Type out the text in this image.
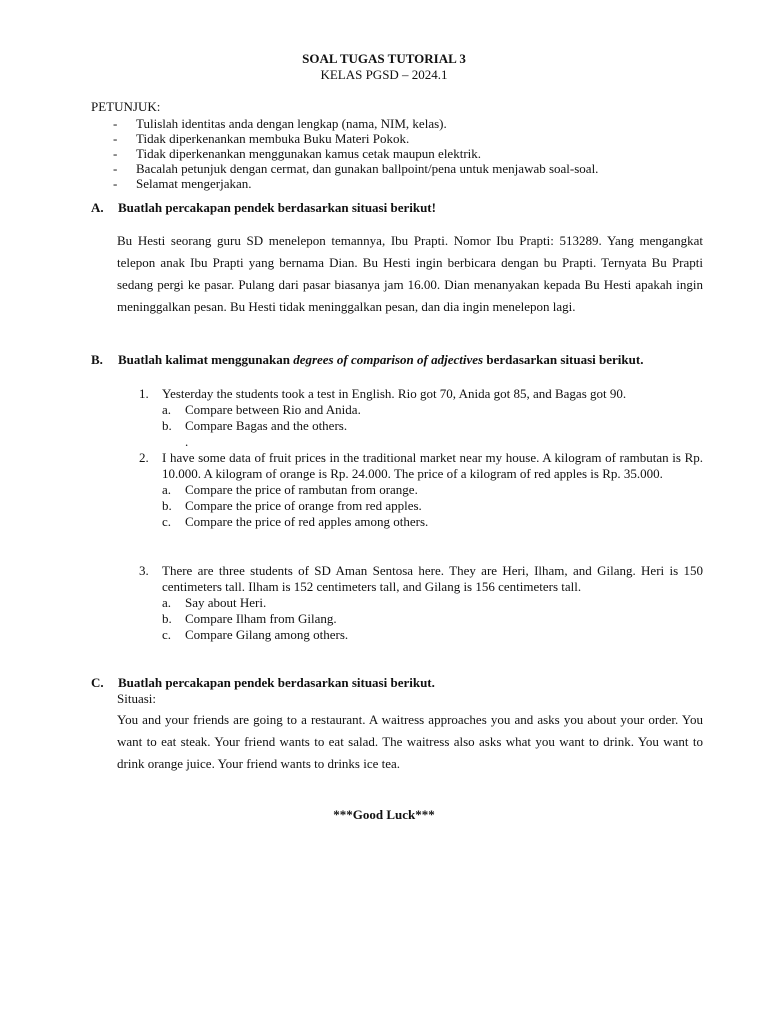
SOAL TUGAS TUTORIAL 3
KELAS PGSD – 2024.1
PETUNJUK:
-	Tulislah identitas anda dengan lengkap (nama, NIM, kelas).
-	Tidak diperkenankan membuka Buku Materi Pokok.
-	Tidak diperkenankan menggunakan kamus cetak maupun elektrik.
-	Bacalah petunjuk dengan cermat, dan gunakan ballpoint/pena untuk menjawab soal-soal.
-	Selamat mengerjakan.
A.	Buatlah percakapan pendek berdasarkan situasi berikut!
Bu Hesti seorang guru SD menelepon temannya, Ibu Prapti. Nomor Ibu Prapti: 513289. Yang mengangkat telepon anak Ibu Prapti yang bernama Dian. Bu Hesti ingin berbicara dengan bu Prapti. Ternyata Bu Prapti sedang pergi ke pasar. Pulang dari pasar biasanya jam 16.00. Dian menanyakan kepada Bu Hesti apakah ingin meninggalkan pesan. Bu Hesti tidak meninggalkan pesan, dan dia ingin menelepon lagi.
B.	Buatlah kalimat menggunakan degrees of comparison of adjectives berdasarkan situasi berikut.
1.	Yesterday the students took a test in English. Rio got 70, Anida got 85, and Bagas got 90.
a.	Compare between Rio and Anida.
b.	Compare Bagas and the others.
.
2.	I have some data of fruit prices in the traditional market near my house. A kilogram of rambutan is Rp. 10.000. A kilogram of orange is Rp. 24.000. The price of a kilogram of red apples is Rp. 35.000.
a.	Compare the price of rambutan from orange.
b.	Compare the price of orange from red apples.
c.	Compare the price of red apples among others.
3.	There are three students of SD Aman Sentosa here. They are Heri, Ilham, and Gilang. Heri is 150 centimeters tall. Ilham is 152 centimeters tall, and Gilang is 156 centimeters tall.
a.	Say about Heri.
b.	Compare Ilham from Gilang.
c.	Compare Gilang among others.
C.	Buatlah percakapan pendek berdasarkan situasi berikut.
Situasi:
You and your friends are going to a restaurant. A waitress approaches you and asks you about your order. You want to eat steak. Your friend wants to eat salad. The waitress also asks what you want to drink. You want to drink orange juice. Your friend wants to drinks ice tea.
***Good Luck***
